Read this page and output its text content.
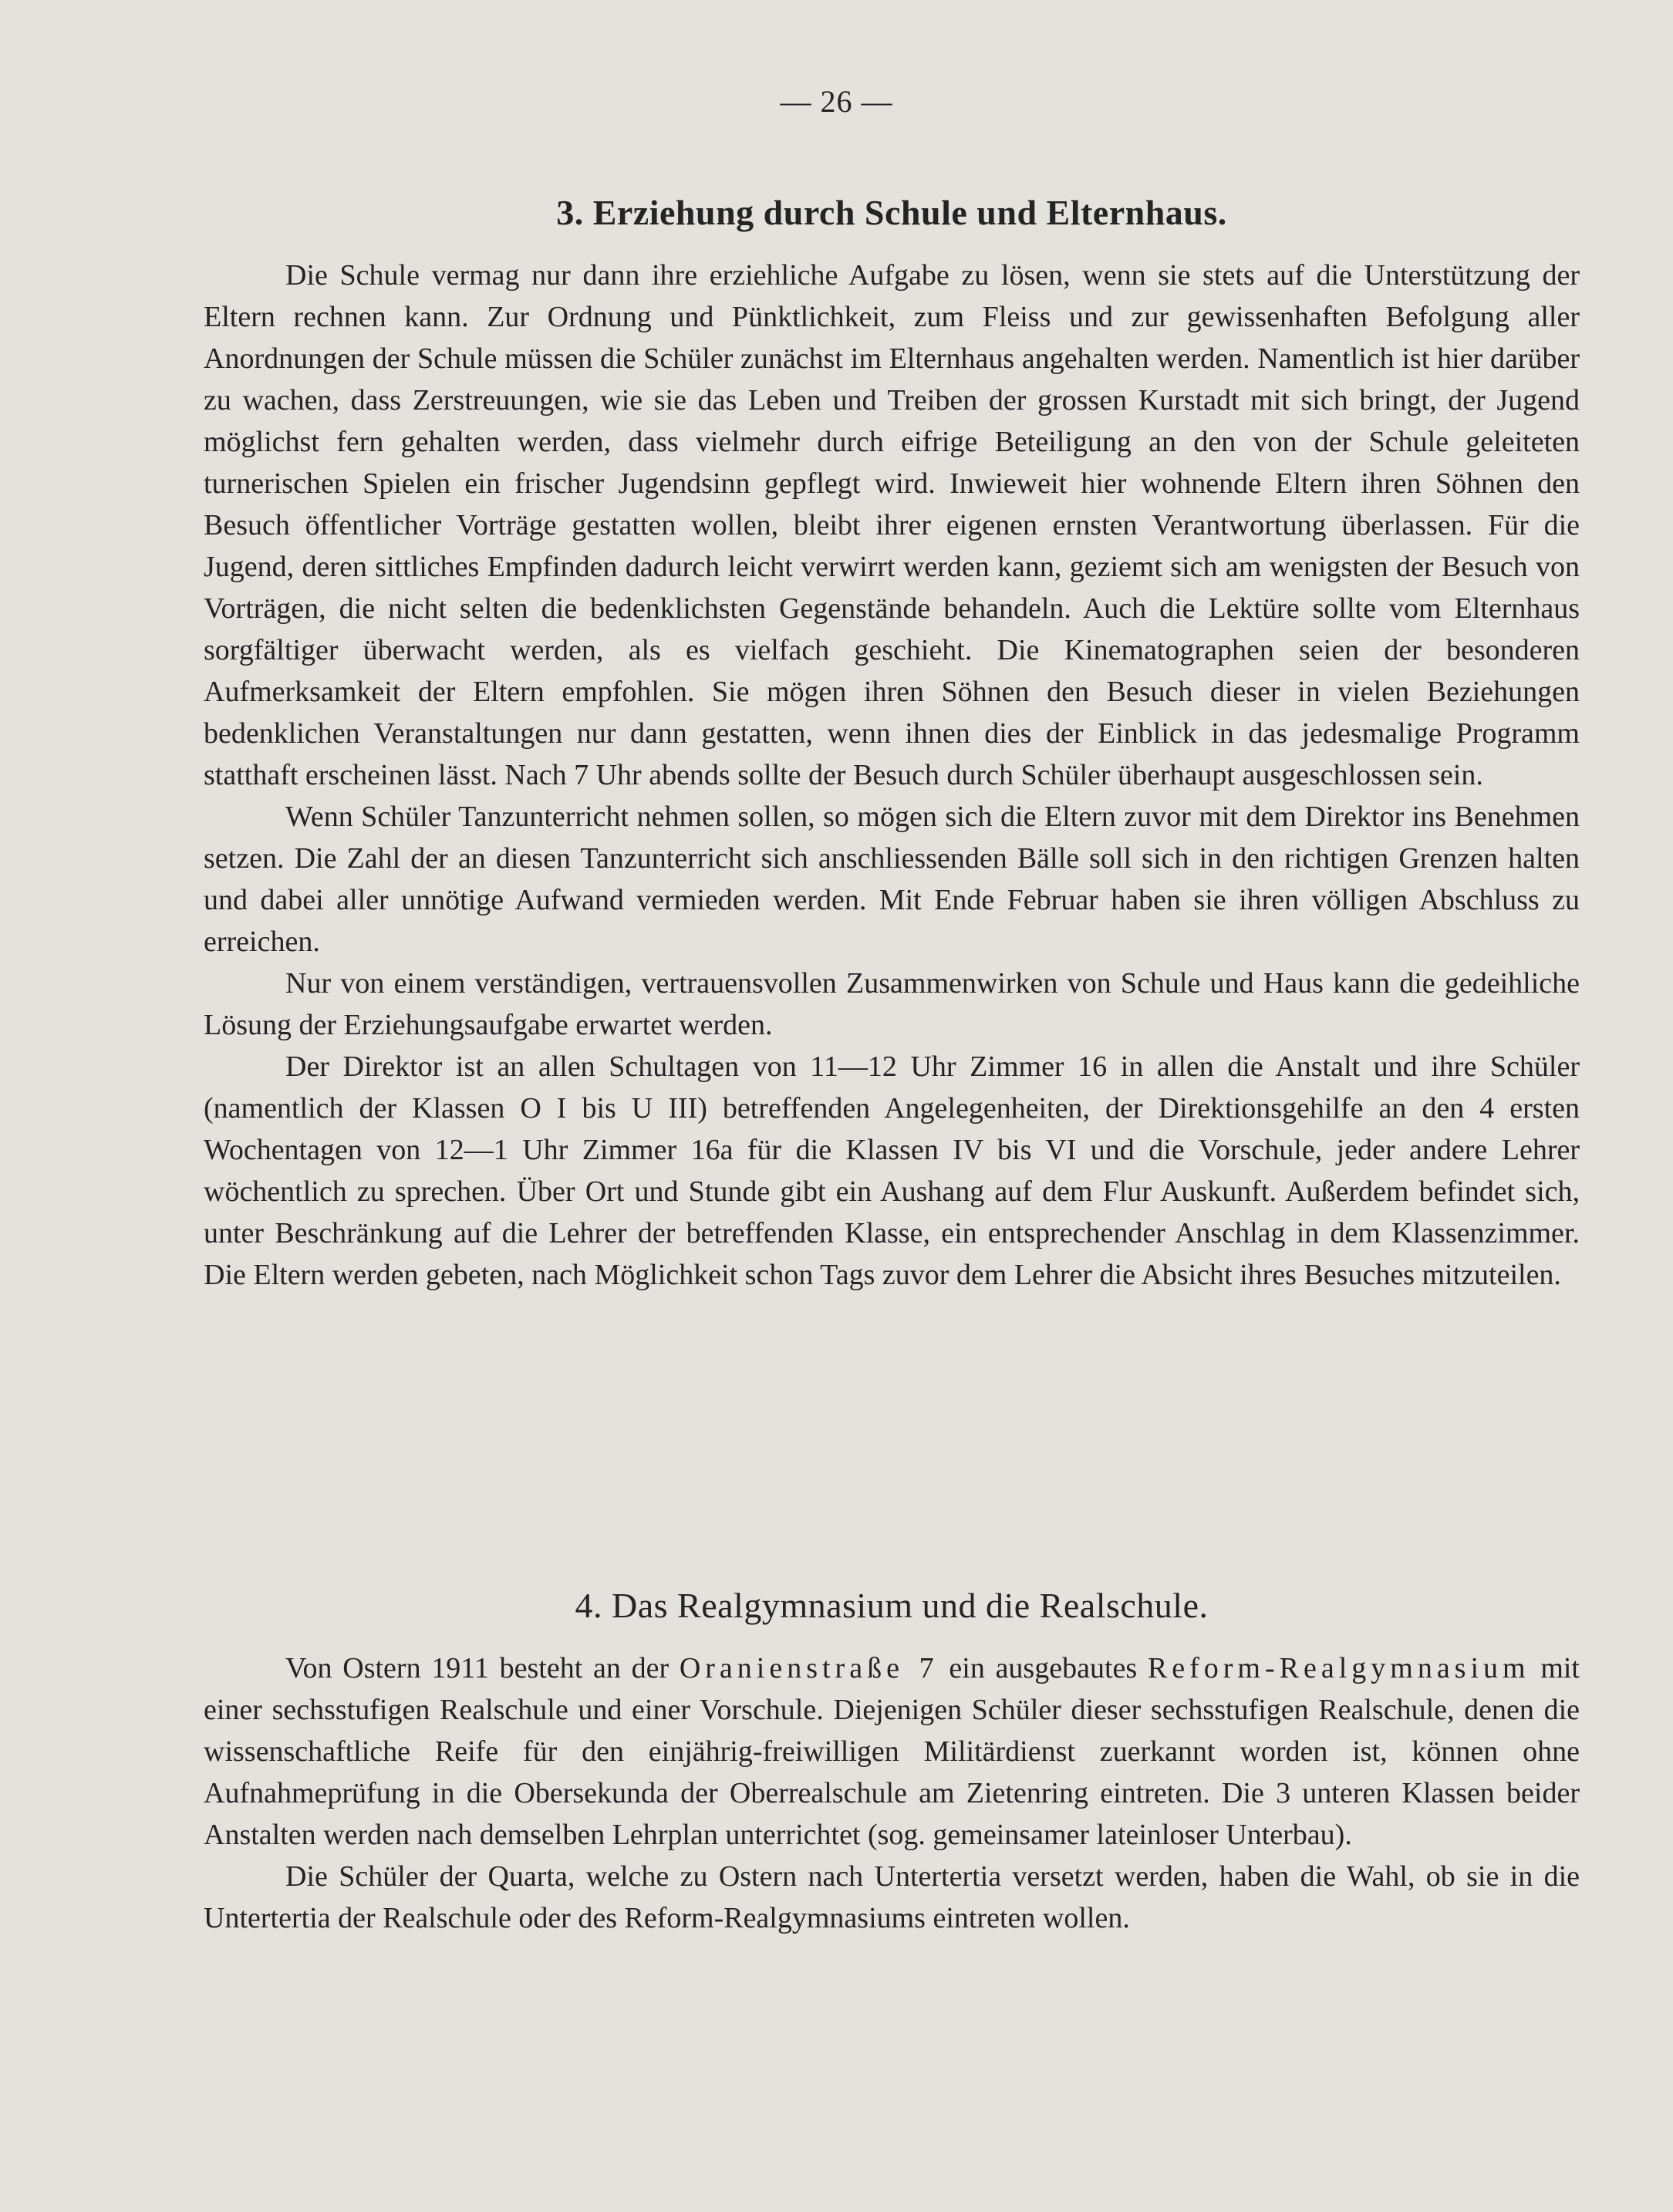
— 26 —
3. Erziehung durch Schule und Elternhaus.

Die Schule vermag nur dann ihre erziehliche Aufgabe zu lösen, wenn sie stets auf die Unterstützung der Eltern rechnen kann. Zur Ordnung und Pünktlichkeit, zum Fleiss und zur gewissenhaften Befolgung aller Anordnungen der Schule müssen die Schüler zunächst im Elternhaus angehalten werden. Namentlich ist hier darüber zu wachen, dass Zerstreuungen, wie sie das Leben und Treiben der grossen Kurstadt mit sich bringt, der Jugend möglichst fern gehalten werden, dass vielmehr durch eifrige Beteiligung an den von der Schule geleiteten turnerischen Spielen ein frischer Jugendsinn gepflegt wird. Inwieweit hier wohnende Eltern ihren Söhnen den Besuch öffentlicher Vorträge gestatten wollen, bleibt ihrer eigenen ernsten Verantwortung überlassen. Für die Jugend, deren sittliches Empfinden dadurch leicht verwirrt werden kann, geziemt sich am wenigsten der Besuch von Vorträgen, die nicht selten die bedenklichsten Gegenstände behandeln. Auch die Lektüre sollte vom Elternhaus sorgfältiger überwacht werden, als es vielfach geschieht. Die Kinematographen seien der besonderen Aufmerksamkeit der Eltern empfohlen. Sie mögen ihren Söhnen den Besuch dieser in vielen Beziehungen bedenklichen Veranstaltungen nur dann gestatten, wenn ihnen dies der Einblick in das jedesmalige Programm statthaft erscheinen lässt. Nach 7 Uhr abends sollte der Besuch durch Schüler überhaupt ausgeschlossen sein.

Wenn Schüler Tanzunterricht nehmen sollen, so mögen sich die Eltern zuvor mit dem Direktor ins Benehmen setzen. Die Zahl der an diesen Tanzunterricht sich anschliessenden Bälle soll sich in den richtigen Grenzen halten und dabei aller unnötige Aufwand vermieden werden. Mit Ende Februar haben sie ihren völligen Abschluss zu erreichen.

Nur von einem verständigen, vertrauensvollen Zusammenwirken von Schule und Haus kann die gedeihliche Lösung der Erziehungsaufgabe erwartet werden.

Der Direktor ist an allen Schultagen von 11—12 Uhr Zimmer 16 in allen die Anstalt und ihre Schüler (namentlich der Klassen O I bis U III) betreffenden Angelegenheiten, der Direktionsgehilfe an den 4 ersten Wochentagen von 12—1 Uhr Zimmer 16a für die Klassen IV bis VI und die Vorschule, jeder andere Lehrer wöchentlich zu sprechen. Über Ort und Stunde gibt ein Aushang auf dem Flur Auskunft. Außerdem befindet sich, unter Beschränkung auf die Lehrer der betreffenden Klasse, ein entsprechender Anschlag in dem Klassenzimmer. Die Eltern werden gebeten, nach Möglichkeit schon Tags zuvor dem Lehrer die Absicht ihres Besuches mitzuteilen.

4. Das Realgymnasium und die Realschule.

Von Ostern 1911 besteht an der Oranienstraße 7 ein ausgebautes Reform-Realgymnasium mit einer sechsstufigen Realschule und einer Vorschule. Diejenigen Schüler dieser sechsstufigen Realschule, denen die wissenschaftliche Reife für den einjährig-freiwilligen Militärdienst zuerkannt worden ist, können ohne Aufnahmeprüfung in die Obersekunda der Oberrealschule am Zietenring eintreten. Die 3 unteren Klassen beider Anstalten werden nach demselben Lehrplan unterrichtet (sog. gemeinsamer lateinloser Unterbau).

Die Schüler der Quarta, welche zu Ostern nach Untertertia versetzt werden, haben die Wahl, ob sie in die Untertertia der Realschule oder des Reform-Realgymnasiums eintreten wollen.
